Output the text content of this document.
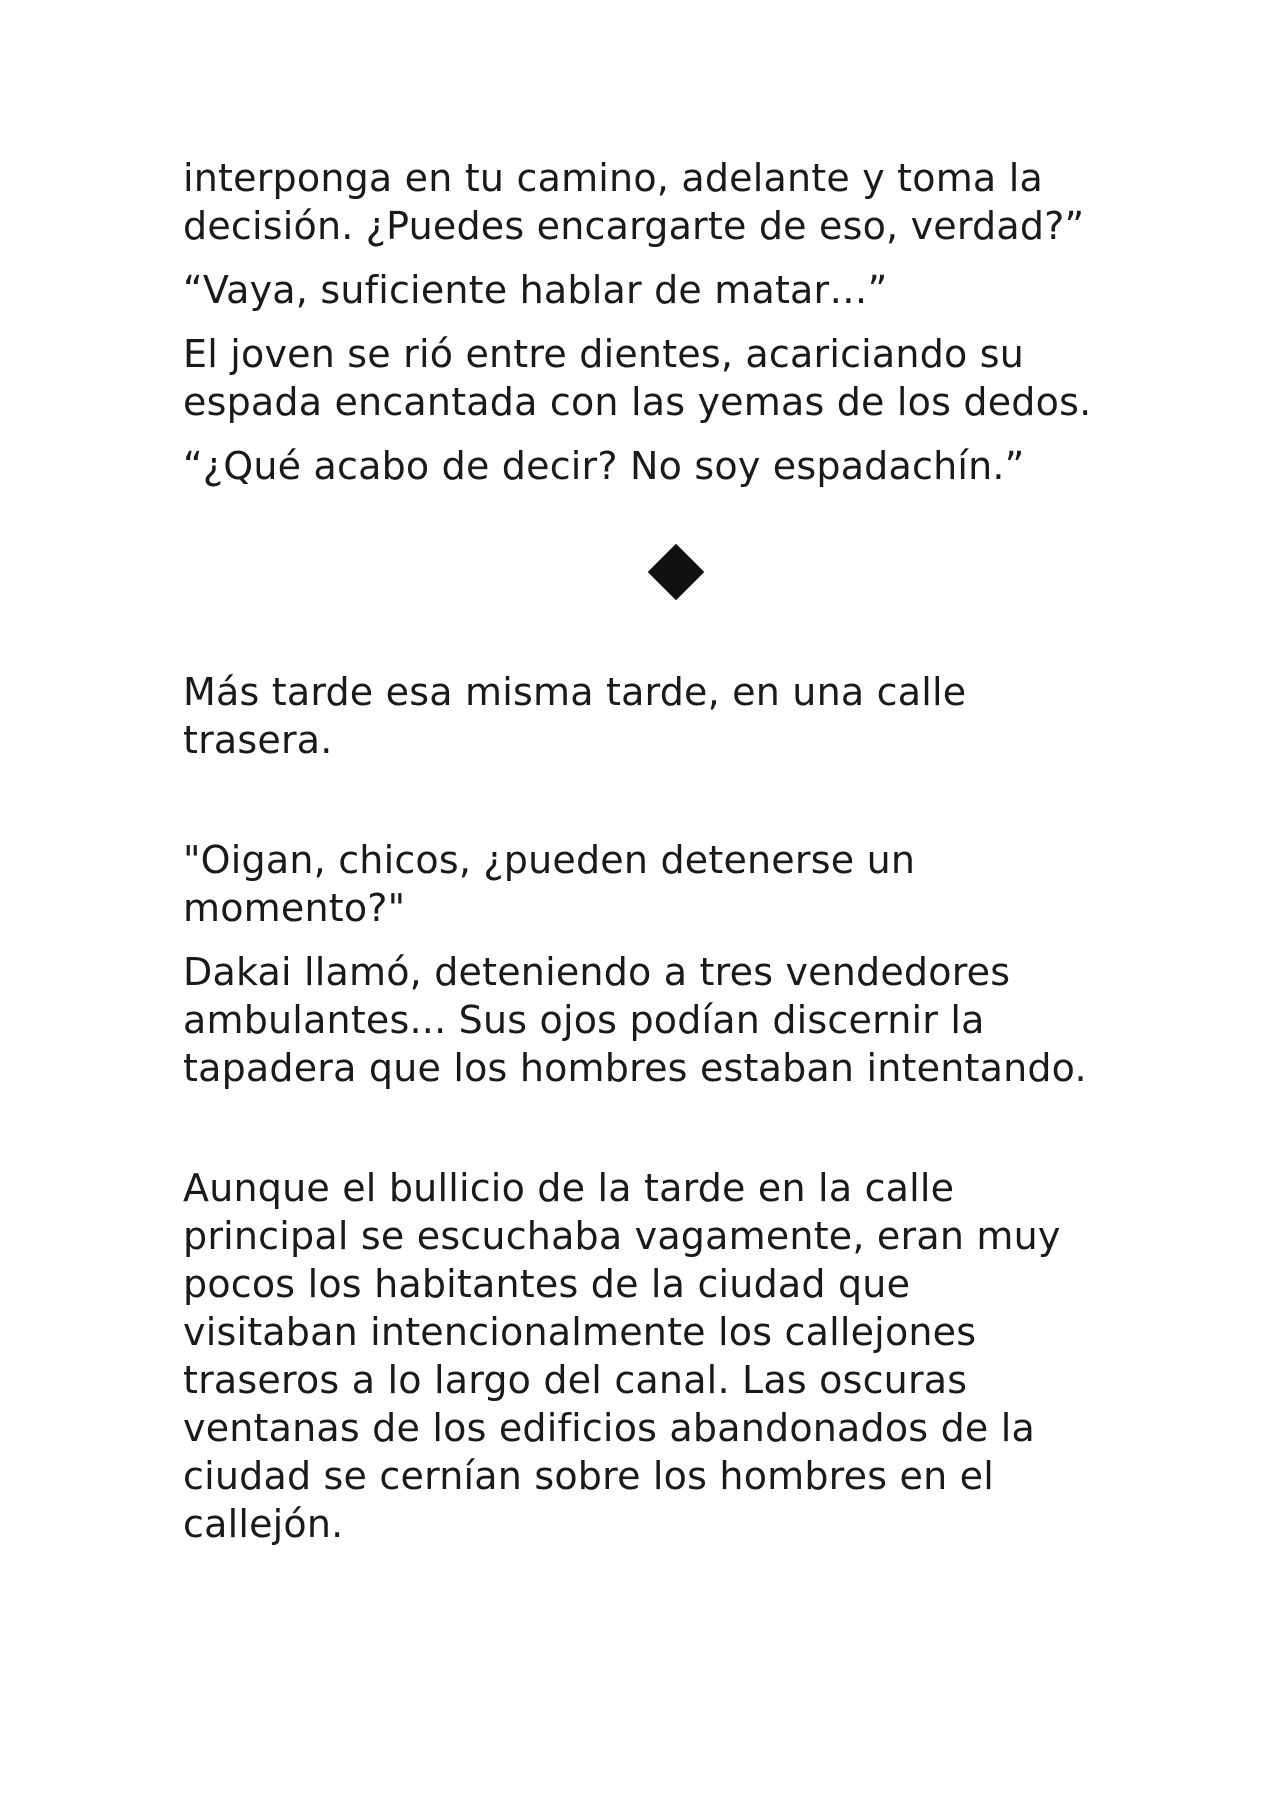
interponga en tu camino, adelante y toma la
decisión. ¿Puedes encargarte de eso, verdad?”

“Vaya, suficiente hablar de matar…”

El joven se rió entre dientes, acariciando su
espada encantada con las yemas de los dedos.

“¿Qué acabo de decir? No soy espadachín.”

Más tarde esa misma tarde, en una calle
trasera.

"Oigan, chicos, ¿pueden detenerse un
momento?"

Dakai llamó, deteniendo a tres vendedores
ambulantes... Sus ojos podían discernir la
tapadera que los hombres estaban intentando.

Aunque el bullicio de la tarde en la calle
principal se escuchaba vagamente, eran muy
pocos los habitantes de la ciudad que
visitaban intencionalmente los callejones
traseros a lo largo del canal. Las oscuras
ventanas de los edificios abandonados de la
ciudad se cernían sobre los hombres en el
callejón.
